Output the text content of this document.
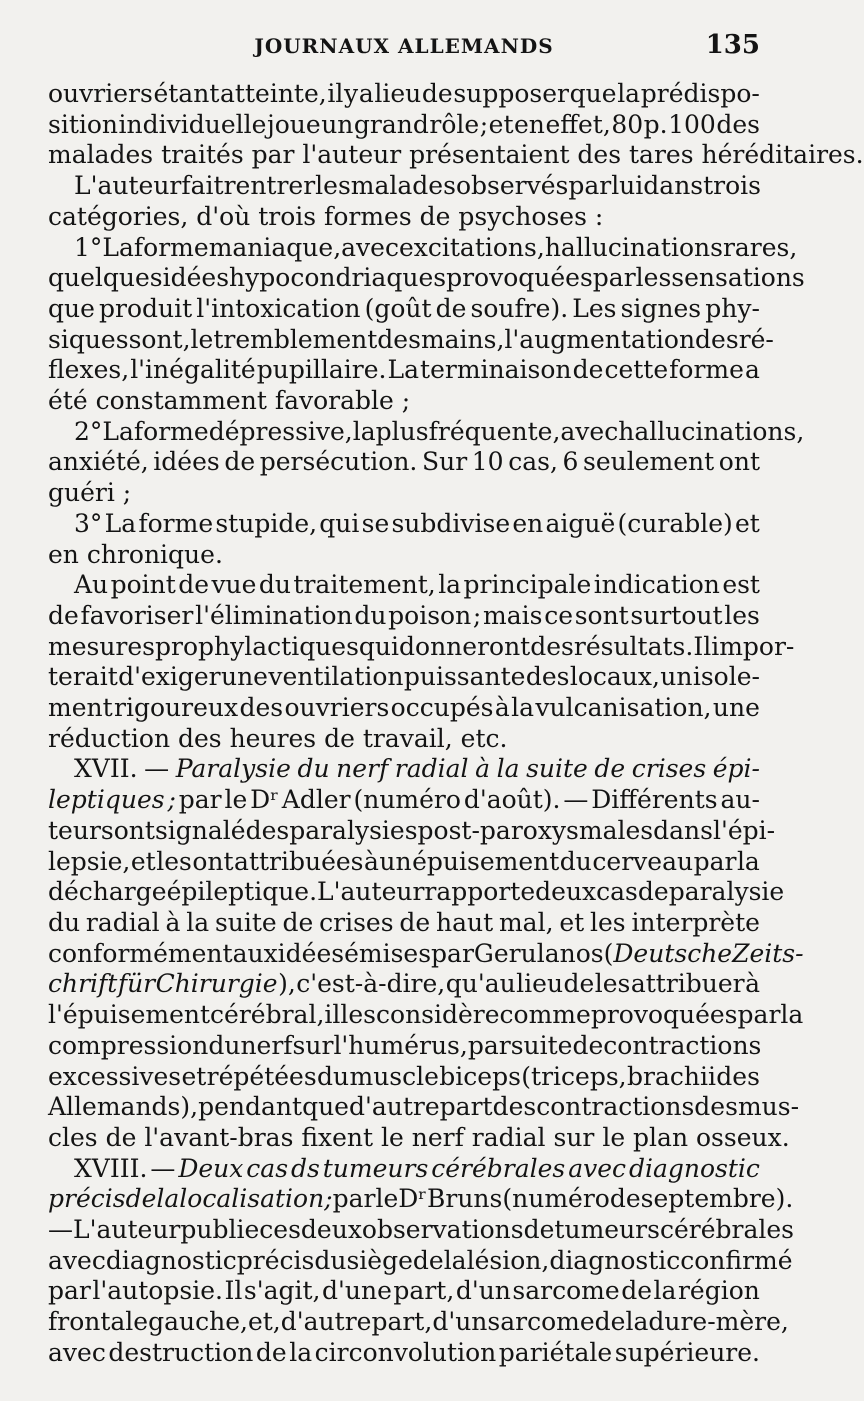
JOURNAUX ALLEMANDS	135
ouvriers étant atteinte, il y a lieu de supposer que la prédispo-
sition individuelle joue un grand rôle ; et en effet, 80 p. 100 des
malades traités par l'auteur présentaient des tares héréditaires.
L'auteur fait rentrer les malades observés par lui dans trois
catégories, d'où trois formes de psychoses :
1° La forme maniaque, avec excitations, hallucinations rares,
quelques idées hypocondriaques provoquées par les sensations
que produit l'intoxication (goût de soufre). Les signes phy-
siques sont, le tremblement des mains, l'augmentation des ré-
flexes, l'inégalité pupillaire. La terminaison de cette forme a
été constamment favorable ;
2° La forme dépressive, la plus fréquente, avec hallucinations,
anxiété, idées de persécution. Sur 10 cas, 6 seulement ont
guéri ;
3° La forme stupide, qui se subdivise en aiguë (curable) et
en chronique.
Au point de vue du traitement, la principale indication est
de favoriser l'élimination du poison ; mais ce sont surtout les
mesures prophylactiques qui donneront des résultats. Il impor-
terait d'exiger une ventilation puissante des locaux, un isole-
ment rigoureux des ouvriers occupés à la vulcanisation, une
réduction des heures de travail, etc.
XVII. — Paralysie du nerf radial à la suite de crises épi-
leptiques ; par le Dʳ Adler (numéro d'août). — Différents au-
teurs ont signalé des paralysies post-paroxysmales dans l'épi-
lepsie, et les ont attribuées à un épuisement du cerveau par la
décharge épileptique. L'auteur rapporte deux cas de paralysie
du radial à la suite de crises de haut mal, et les interprète
conformément aux idées émises par Gerulanos ( Deutsche Zeits-
chrift für Chirurgie ), c'est-à-dire, qu'au lieu de les attribuer à
l'épuisement cérébral, il les considère comme provoquées par la
compression du nerf sur l'humérus, par suite de contractions
excessives et répétées du muscle biceps (triceps, brachii des
Allemands), pendant que d'autre part des contractions des mus-
cles de l'avant-bras fixent le nerf radial sur le plan osseux.
XVIII. — Deux cas ds tumeurs cérébrales avec diagnostic
précis de la localisation ; par le Dʳ Bruns (numéro de septembre).
— L'auteur publie ces deux observations de tumeurs cérébrales
avec diagnostic précis du siège de la lésion, diagnostic confirmé
par l'autopsie. Il s'agit, d'une part, d'un sarcome de la région
frontale gauche, et, d'autre part, d'un sarcome de la dure-mère,
avec destruction de la circonvolution pariétale supérieure.
